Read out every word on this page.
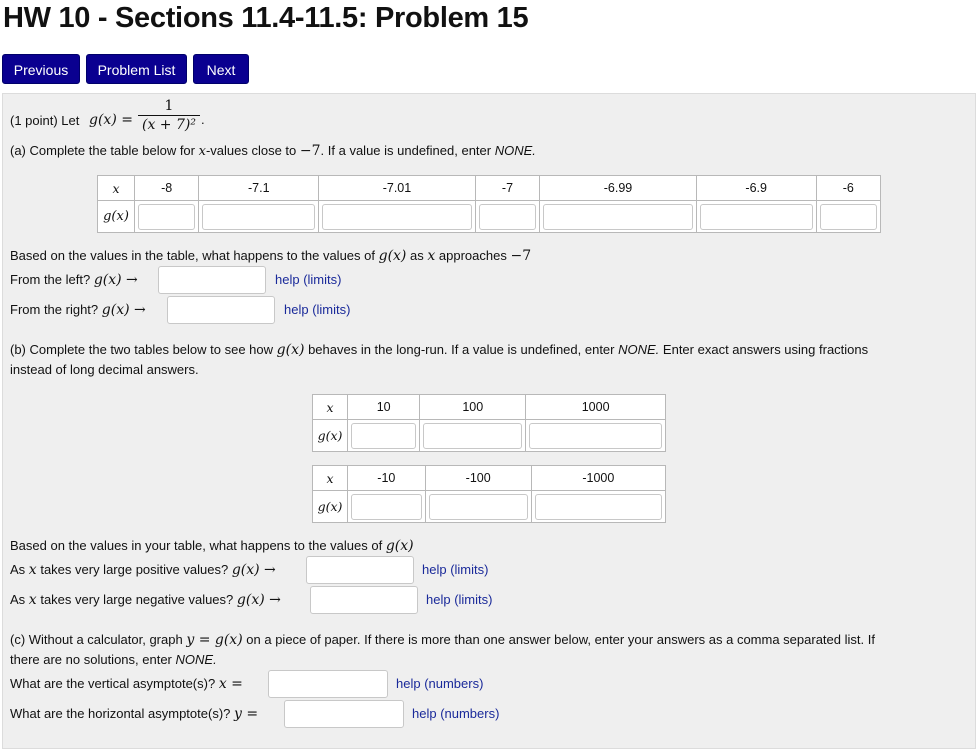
HW 10 - Sections 11.4-11.5: Problem 15
Previous	Problem List	Next
(1 point) Let $g(x) = \frac{1}{\text{(x + 7)²}}$ .
(a) Complete the table below for x-values close to −7. If a value is undefined, enter NONE.
x	-8	-7.1	-7.01	-7	-6.99	-6.9	-6
g(x)	

Based on the values in the table, what happens to the values of g(x) as x approaches −7
From the left? g(x) →	help (limits)
From the right? g(x) →	help (limits)
(b) Complete the two tables below to see how g(x) behaves in the long-run. If a value is undefined, enter NONE. Enter exact answers using fractions
instead of long decimal answers.
x	10	100	1000
g(x)	

x	-10	-100	-1000
g(x)	

Based on the values in your table, what happens to the values of g(x)
As x takes very large positive values? g(x) →	help (limits)
As x takes very large negative values? g(x) →	help (limits)
(c) Without a calculator, graph y = g(x) on a piece of paper. If there is more than one answer below, enter your answers as a comma separated list. If
there are no solutions, enter NONE.
What are the vertical asymptote(s)? x =	help (numbers)
What are the horizontal asymptote(s)? y =	help (numbers)
